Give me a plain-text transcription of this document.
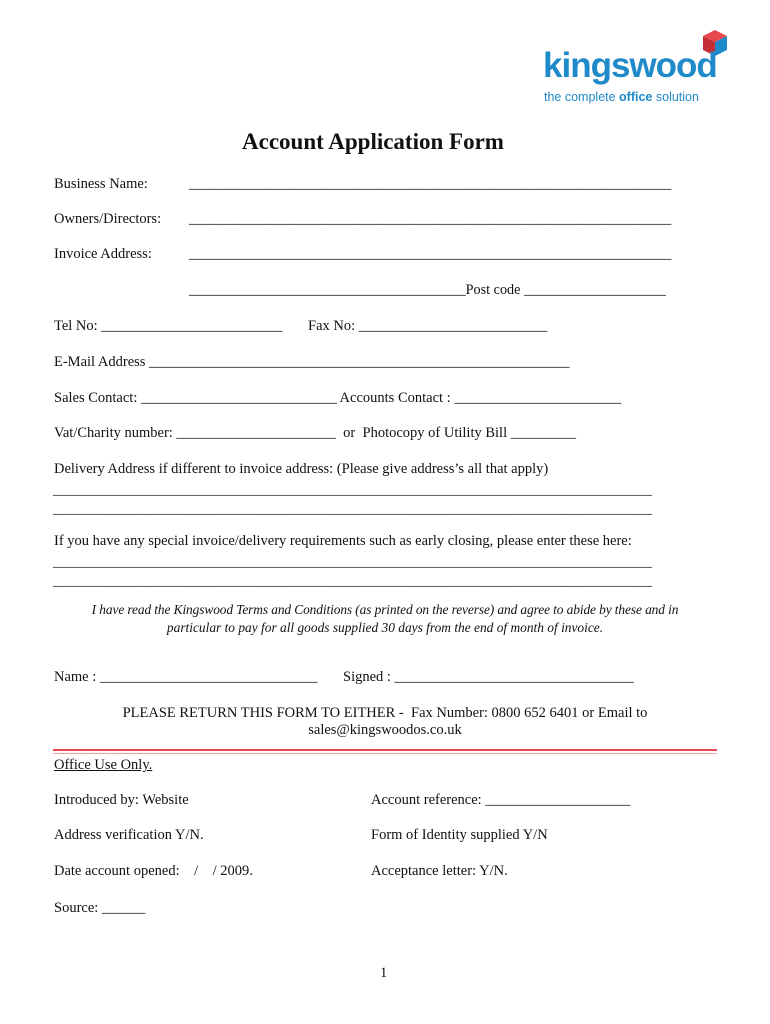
kingswood
the complete office solution
Account Application Form
Business Name:	____________________________________________________________________
Owners/Directors: ____________________________________________________________________
Invoice Address:	____________________________________________________________________
_______________________________________Post code ____________________
Tel No: _________________________ Fax No: __________________________
E-Mail Address __________________________________________________________
Sales Contact: ___________________________ Accounts Contact : _______________________
Vat/Charity number: ______________________  or  Photocopy of Utility Bill _________
Delivery Address if different to invoice address: (Please give address’s all that apply)
_____________________________________________________________________________________
_____________________________________________________________________________________
If you have any special invoice/delivery requirements such as early closing, please enter these here:
_____________________________________________________________________________________
_____________________________________________________________________________________
I have read the Kingswood Terms and Conditions (as printed on the reverse) and agree to abide by these and in
particular to pay for all goods supplied 30 days from the end of month of invoice.
Name : ______________________________ Signed : _________________________________
PLEASE RETURN THIS FORM TO EITHER -  Fax Number: 0800 652 6401 or Email to
sales@kingswoodos.co.uk
Office Use Only.
Introduced by: Website	Account reference: ____________________
Address verification Y/N.	Form of Identity supplied Y/N
Date account opened:    /    / 2009.	Acceptance letter: Y/N.
Source: ______
1
